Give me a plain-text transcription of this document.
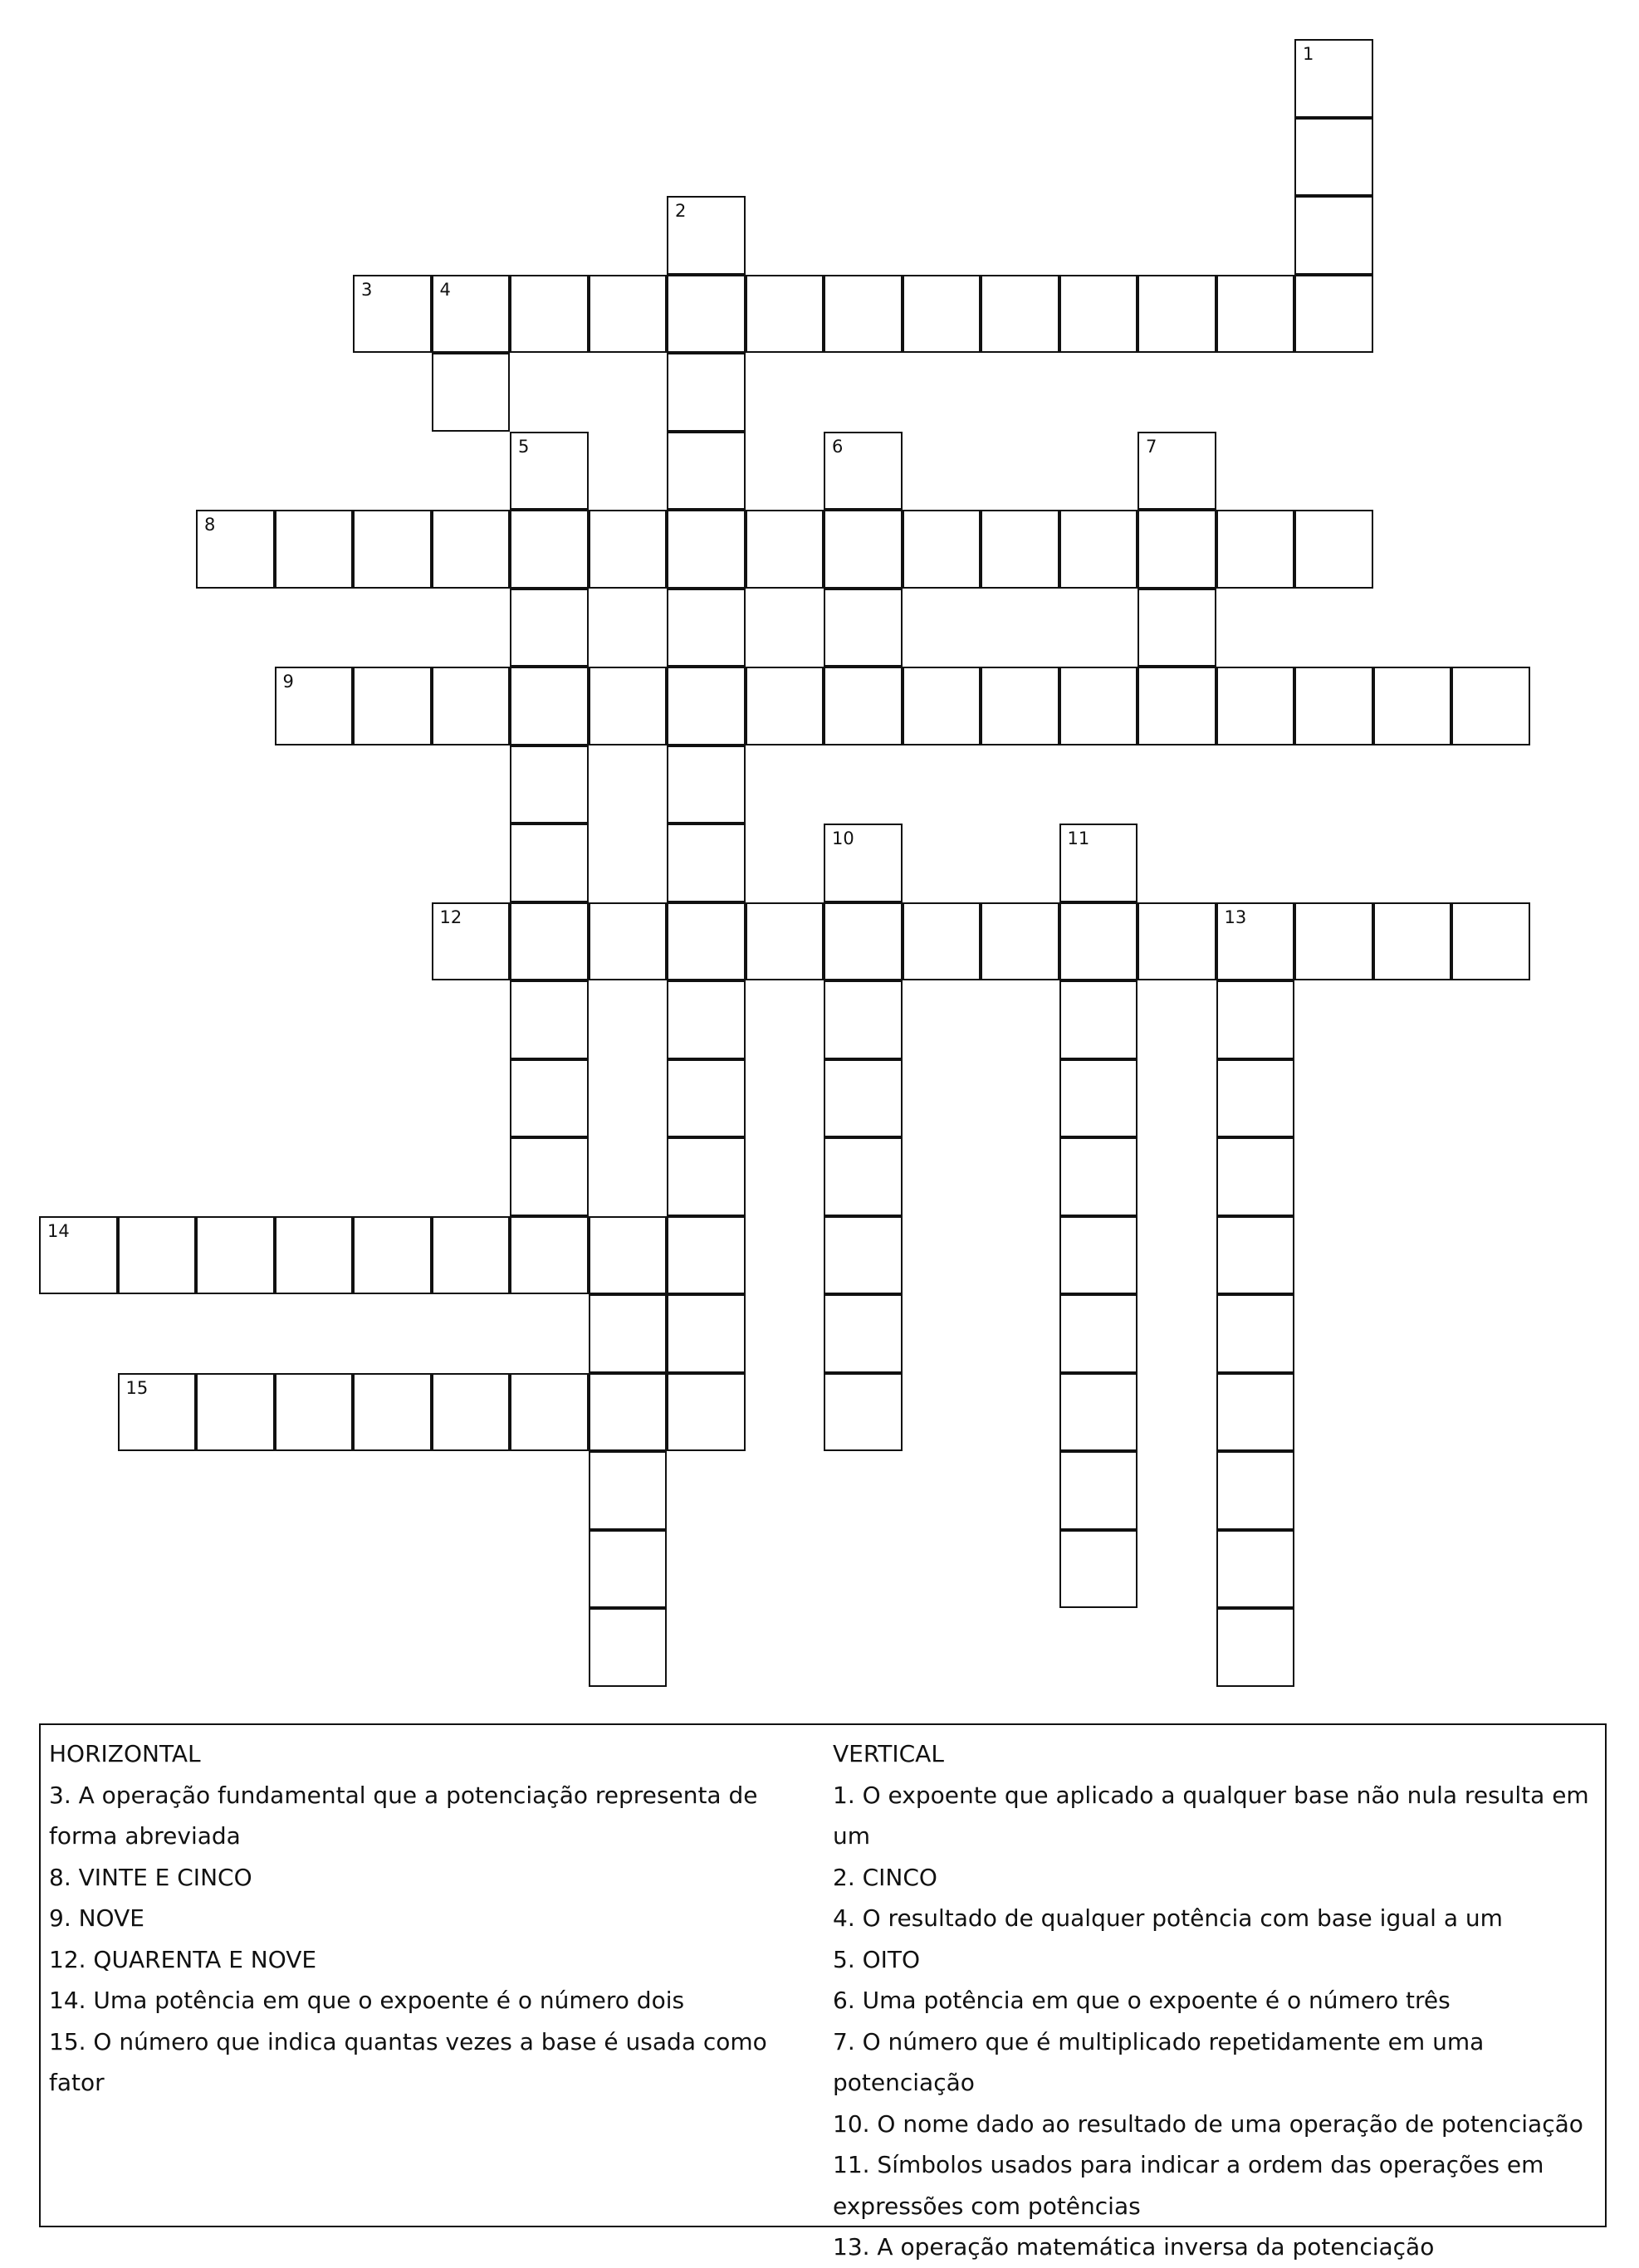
1
2
3	4
5	6	7
8
9
10	11
12	13
14
15

HORIZONTAL

3. A operação fundamental que a potenciação representa de forma abreviada

8. VINTE E CINCO

9. NOVE

12. QUARENTA E NOVE

14. Uma potência em que o expoente é o número dois

15. O número que indica quantas vezes a base é usada como fator

VERTICAL

1. O expoente que aplicado a qualquer base não nula resulta em um

2. CINCO

4. O resultado de qualquer potência com base igual a um

5. OITO

6. Uma potência em que o expoente é o número três

7. O número que é multiplicado repetidamente em uma potenciação

10. O nome dado ao resultado de uma operação de potenciação

11. Símbolos usados para indicar a ordem das operações em expressões com potências

13. A operação matemática inversa da potenciação
